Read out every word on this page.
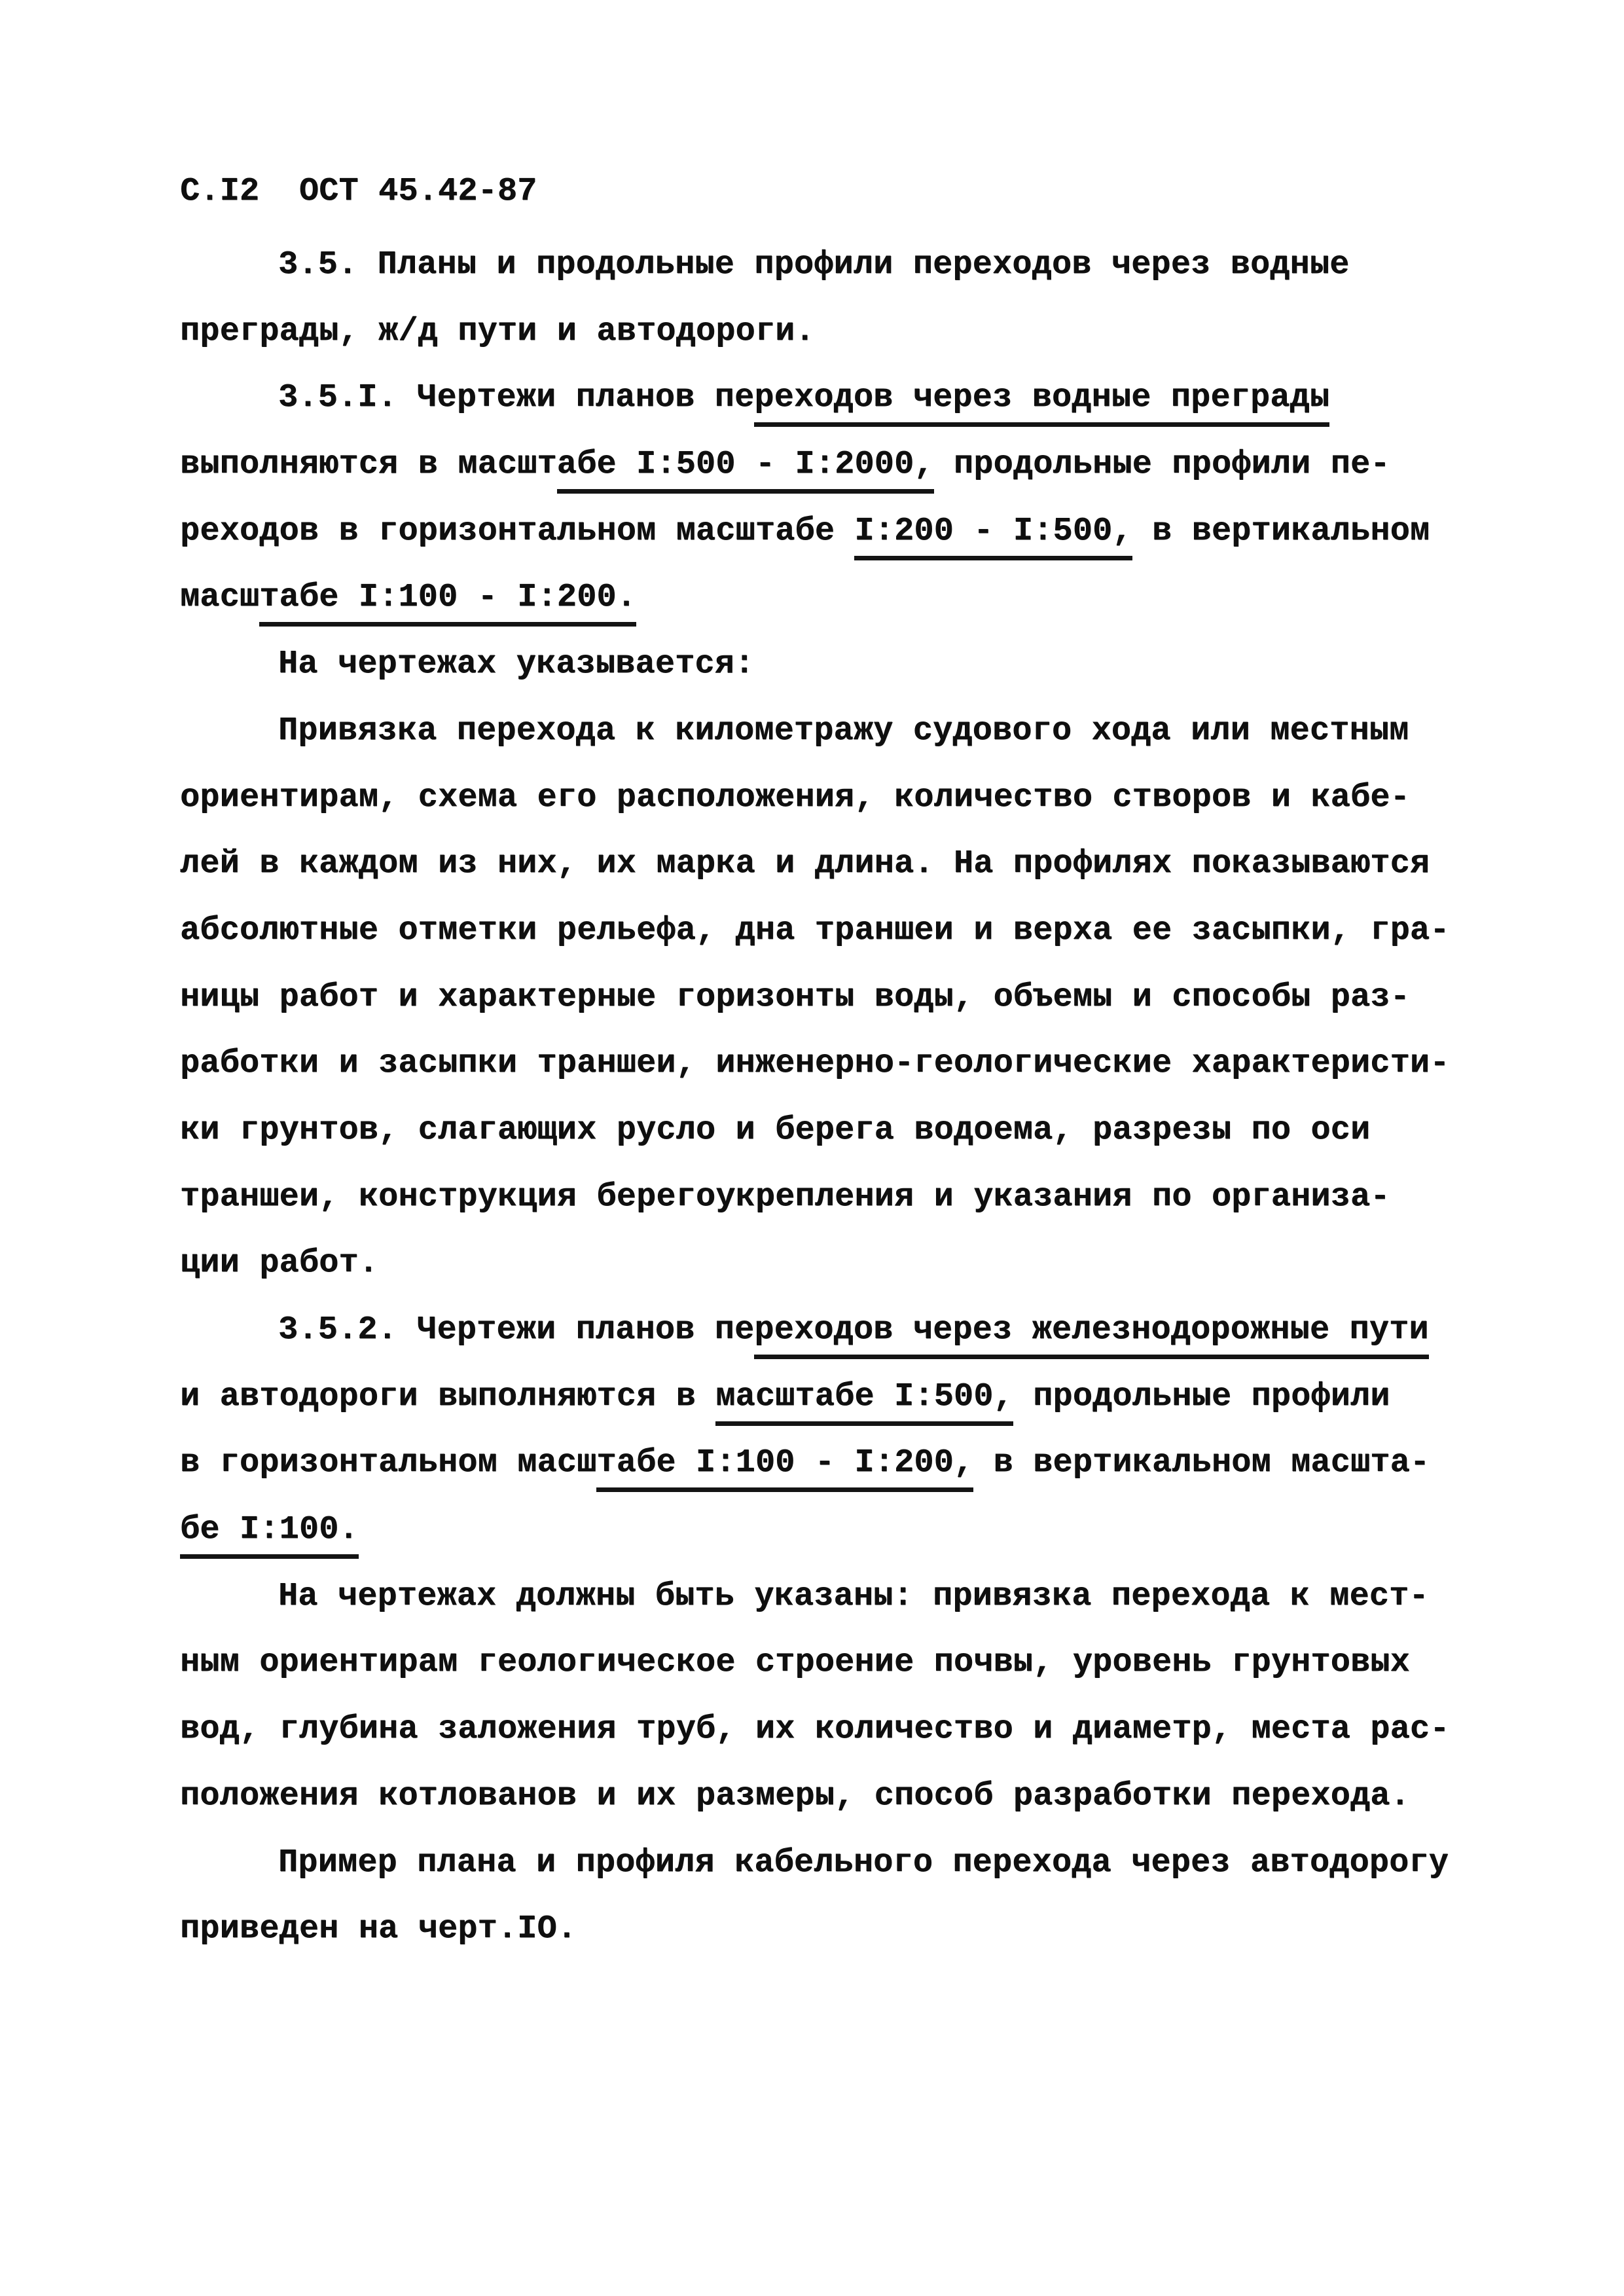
С.I2  ОСТ 45.42-87
3.5. Планы и продольные профили переходов через водные
преграды, ж/д пути и автодороги.
3.5.I. Чертежи планов переходов через водные преграды
выполняются в масштабе I:500 - I:2000, продольные профили пе-
реходов в горизонтальном масштабе I:200 - I:500, в вертикальном
масштабе I:100 - I:200.
На чертежах указывается:
Привязка перехода к километражу судового хода или местным
ориентирам, схема его расположения, количество створов и кабе-
лей в каждом из них, их марка и длина. На профилях показываются
абсолютные отметки рельефа, дна траншеи и верха ее засыпки, гра-
ницы работ и характерные горизонты воды, объемы и способы раз-
работки и засыпки траншеи, инженерно-геологические характеристи-
ки грунтов, слагающих русло и берега водоема, разрезы по оси
траншеи, конструкция берегоукрепления и указания по организа-
ции работ.
3.5.2. Чертежи планов переходов через железнодорожные пути
и автодороги выполняются в масштабе I:500, продольные профили
в горизонтальном масштабе I:100 - I:200, в вертикальном масшта-
бе I:100.
На чертежах должны быть указаны: привязка перехода к мест-
ным ориентирам геологическое строение почвы, уровень грунтовых
вод, глубина заложения труб, их количество и диаметр, места рас-
положения котлованов и их размеры, способ разработки перехода.
Пример плана и профиля кабельного перехода через автодорогу
приведен на черт.IО.
